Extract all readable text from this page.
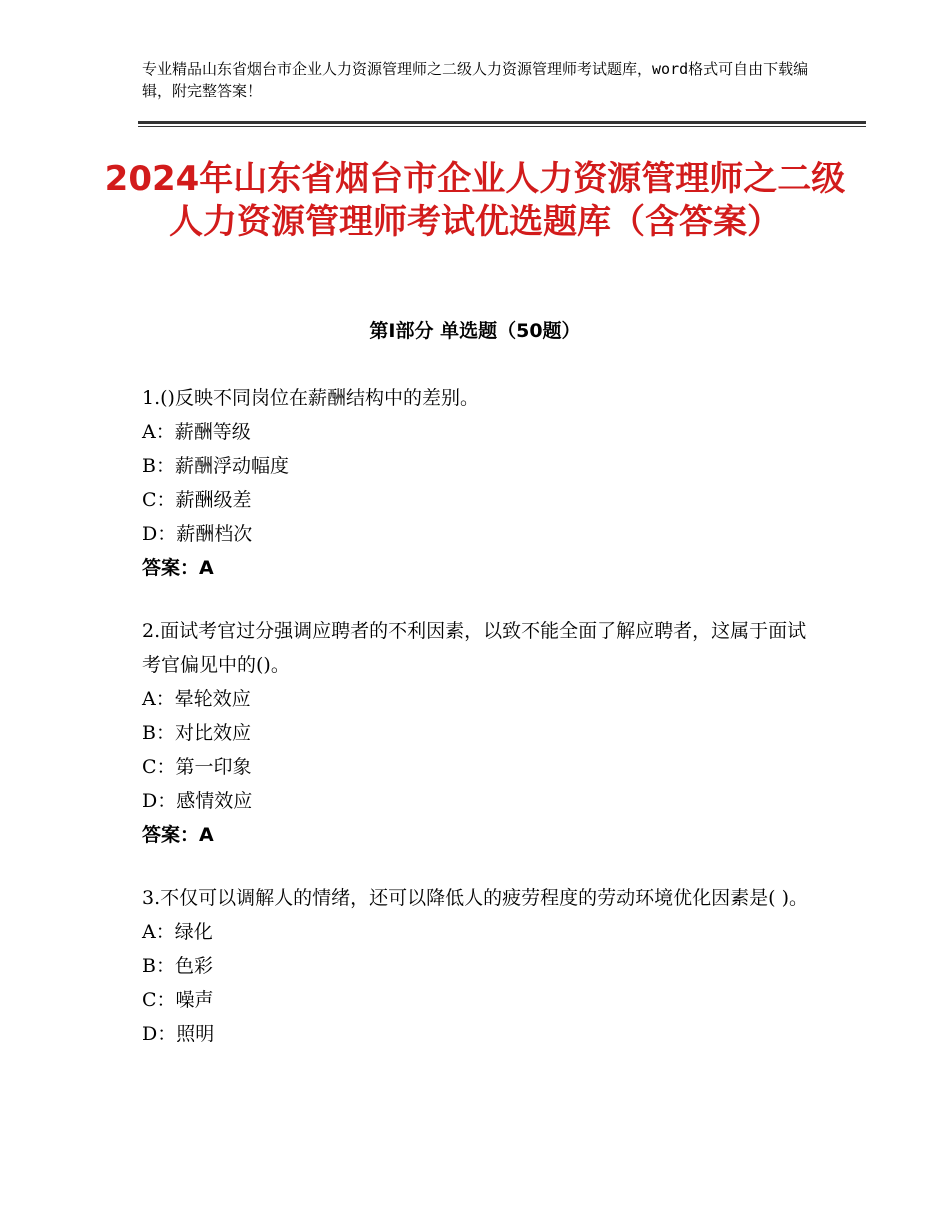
专业精品山东省烟台市企业人力资源管理师之二级人力资源管理师考试题库，word格式可自由下载编辑，附完整答案！
2024年山东省烟台市企业人力资源管理师之二级人力资源管理师考试优选题库（含答案）
第Ⅰ部分 单选题（50题）
1.()反映不同岗位在薪酬结构中的差别。
A：薪酬等级
B：薪酬浮动幅度
C：薪酬级差
D：薪酬档次
答案：A
2.面试考官过分强调应聘者的不利因素，以致不能全面了解应聘者，这属于面试考官偏见中的()。
A：晕轮效应
B：对比效应
C：第一印象
D：感情效应
答案：A
3.不仅可以调解人的情绪，还可以降低人的疲劳程度的劳动环境优化因素是( )。
A：绿化
B：色彩
C：噪声
D：照明
